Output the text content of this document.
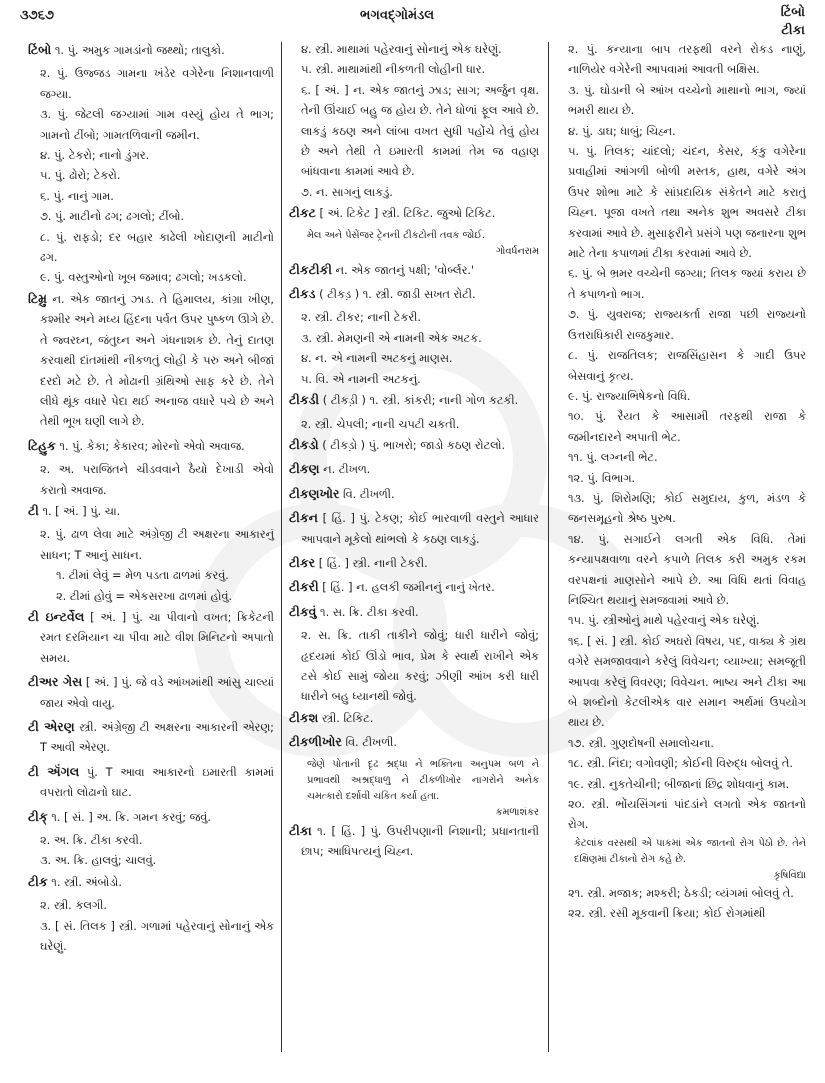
૩૭૬૭	ભગવદ્ગોમંડલ	ટિંબો
ટીકા

ટિંબો ૧. પું. અમુક ગામડાંનો જથ્થો; તાલુકો.

૨. પું. ઉજ્જડ ગામના ખંડેર વગેરેના નિશાનવાળી જગ્યા.

૩. પું. જેટલી જગ્યામાં ગામ વસ્યું હોય તે ભાગ; ગામનો ટીંબો; ગામતળિવાની જમીન.

૪. પું. ટેકરો; નાનો ડુંગર.

૫. પું. ઢોરો; ટેકરો.

૬. પું. નાનું ગામ.

૭. પું. માટીનો ઢગ; ઢગલો; ટીંબો.

૮. પું. રાફડો; દર બહાર કાઢેલી ખોદાણની માટીનો ઢગ.

૯. પું. વસ્તુઓનો ખૂબ જમાવ; ઢગલો; ખડકલો.

ટિમ્રુ ન. એક જાતનું ઝાડ. તે હિમાલય, કાંગ્રા ખીણ, કશ્મીર અને મધ્ય હિંદના પર્વત ઉપર પુષ્કળ ઊગે છે. તે જ્વરઘ્ન, જંતુઘ્ન અને ગંધનાશક છે. તેનું દાતણ કરવાથી દાંતમાંથી નીકળતું લોહી કે પરુ અને બીજાં દરદો મટે છે. તે મોઢાની ગ્રંથિઓ સાફ કરે છે. તેને લીધે થૂંક વધારે પેદા થઈ અનાજ વધારે પચે છે અને તેથી ભૂખ ઘણી લાગે છે.

ટિહુક ૧. પું. કેકા; કેકારવ; મોરનો એવો અવાજ.

૨. અ. પરાજિતને ચીડવવાને ઠૈયો દેખાડી એવો કરાતો અવાજ.

ટી ૧. [ અં. ] પું. ચા.

૨. પું. ઢાળ લેવા માટે અંગ્રેજી ટી અક્ષરના આકારનું સાધન; T આનું સાધન.

૧. ટીમાં લેવું = મેળ પડતા ઢાળમાં કરવું.

૨. ટીમાં હોવું = એકસરખા ઢાળમાં હોવું.

ટી ઇન્ટર્વેલ [ અં. ] પું. ચા પીવાનો વખત; ક્રિકેટની રમત દરમિયાન ચા પીવા માટે વીશ મિનિટનો અપાતો સમય.

ટીઅર ગેસ [ અં. ] પું. જે વડે આંખમાંથી આંસુ ચાલ્યાં જાય એવો વાયુ.

ટી એરણ સ્ત્રી. અંગ્રેજી ટી અક્ષરના આકારની એરણ; T આવી એરણ.

ટી ઍંગલ પું. T આવા આકારનો ઇમારતી કામમાં વપરાતો લોઢાનો ઘાટ.

ટીક્ ૧. [ સં. ] અ. ક્રિ. ગમન કરવું; જવું.

૨. અ. ક્રિ. ટીકા કરવી.

૩. અ. ક્રિ. હાલવું; ચાલવું.

ટીક ૧. સ્ત્રી. અંબોડો.

૨. સ્ત્રી. કલગી.

૩. [ સં. તિલક ] સ્ત્રી. ગળામાં પહેરવાનું સોનાનું એક ઘરેણું.

૪. સ્ત્રી. માથામાં પહેરવાનું સોનાનું એક ઘરેણું.

૫. સ્ત્રી. માથામાંથી નીકળતી લોહીની ધાર.

૬. [ અં. ] ન. એક જાતનું ઝાડ; સાગ; અર્જુન વૃક્ષ. તેની ઊંચાઈ બહુ જ હોય છે. તેને ધોળાં ફૂલ આવે છે. લાકડું કઠણ અને લાંબા વખત સુધી પહોંચે તેવું હોય છે અને તેથી તે ઇમારતી કામમાં તેમ જ વહાણ બાંધવાના કામમાં આવે છે.

૭. ન. સાગનું લાકડું.

ટીકટ [ અં. ટિકેટ ] સ્ત્રી. ટિકિટ. જુઓ ટિકિટ.

મેલ અને પેસેંજર ટ્રેનની ટીકટોની તવક જોઈ.

ગોવર્ધનરામ

ટીકટીકી ન. એક જાતનું પક્ષી; 'વોર્બ્લર.'

ટીકડ ( ટીકડ઼ ) ૧. સ્ત્રી. જાડી સખત રોટી.

૨. સ્ત્રી. ટીકર; નાની ટેકરી.

૩. સ્ત્રી. મેમણની એ નામની એક અટક.

૪. ન. એ નામની અટકનું માણસ.

૫. વિ. એ નામની અટકનું.

ટીકડી ( ટીકડ઼ી ) ૧. સ્ત્રી. કાંકરી; નાની ગોળ કટકી.

૨. સ્ત્રી. ચેપલી; નાની ચપટી ચકતી.

ટીકડો ( ટીકડ઼ો ) પું. ભાખરો; જાડો કઠણ રોટલો.

ટીકણ ન. ટીખળ.

ટીકણખોર વિ. ટીખળી.

ટીકન [ હિં. ] પું. ટેકણ; કોઈ ભારવાળી વસ્તુને આધાર આપવાને મૂકેલો થાંભલો કે કઠણ લાકડું.

ટીકર [ હિં. ] સ્ત્રી. નાની ટેકરી.

ટીકરી [ હિં. ] ન. હલકી જમીનનું નાનું ખેતર.

ટીકવું ૧. સ. ક્રિ. ટીકા કરવી.

૨. સ. ક્રિ. તાકી તાકીને જોવું; ધારી ધારીને જોવું; હૃદયમાં કોઈ ઊંડો ભાવ, પ્રેમ કે સ્વાર્થ રાખીને એક ટસે કોઈ સામું જોયા કરવું; ઝીણી આંખ કરી ધારી ધારીને બહુ ધ્યાનથી જોવું.

ટીકશ સ્ત્રી. ટિકિટ.

ટીકળીખોર વિ. ટીખળી.

જેણે પોતાની દૃઢ શ્રદ્ધા ને ભક્તિના અનુપમ બળ ને પ્રભાવથી અશ્રદ્ધાળુ ને ટીકળીખોર નાગરોને અનેક ચમત્કારો દર્શાવી ચકિત કર્યા હતા.

કમળાશંકર

ટીકા ૧. [ હિં. ] પું. ઉપરીપણાની નિશાની; પ્રધાનતાની છાપ; આધિપત્યનું ચિહ્ન.

૨. પું. કન્યાના બાપ તરફથી વરને રોકડ નાણું, નાળિયેર વગેરેની આપવામાં આવતી બક્ષિસ.

૩. પું. ઘોડાની બે આંખ વચ્ચેનો માથાનો ભાગ, જ્યાં ભમરી થાય છે.

૪. પું. ડાઘ; ધાબું; ચિહ્ન.

૫. પું. તિલક; ચાંદલો; ચંદન, કેસર, કંકુ વગેરેના પ્રવાહીમાં આંગળી બોળી મસ્તક, હાથ, વગેરે અંગ ઉપર શોભા માટે કે સાંપ્રદાયિક સંકેતને માટે કરાતું ચિહ્ન. પૂજા વખતે તથા અનેક શુભ અવસરે ટીકા કરવામાં આવે છે. મુસાફરીને પ્રસંગે પણ જનારના શુભ માટે તેના કપાળમાં ટીકા કરવામાં આવે છે.

૬. પું. બે ભ્રમર વચ્ચેની જગ્યા; તિલક જ્યાં કરાય છે તે કપાળનો ભાગ.

૭. પું. યુવરાજ; રાજ્યકર્તા રાજા પછી રાજ્યનો ઉત્તરાધિકારી રાજકુમાર.

૮. પું. રાજતિલક; રાજસિંહાસન કે ગાદી ઉપર બેસવાનું કૃત્ય.

૯. પું. રાજ્યાભિષેકનો વિધિ.

૧૦. પું. રૈયત કે આસામી તરફથી રાજા કે જમીનદારને અપાતી ભેટ.

૧૧. પું. લગ્નની ભેટ.

૧૨. પું. વિભાગ.

૧૩. પું. શિરોમણિ; કોઈ સમુદાય, કુળ, મંડળ કે જનસમૂહનો શ્રેષ્ઠ પુરુષ.

૧૪. પું. સગાઈને લગતી એક વિધિ. તેમાં કન્યાપક્ષવાળા વરને કપાળે તિલક કરી અમુક રકમ વરપક્ષનાં માણસોને આપે છે. આ વિધિ થતાં વિવાહ નિશ્ચિત થયાનું સમજવામાં આવે છે.

૧૫. પું. સ્ત્રીઓનું માથે પહેરવાનું એક ઘરેણું.

૧૬. [ સં. ] સ્ત્રી. કોઈ અઘરો વિષય, પદ, વાક્ય કે ગ્રંથ વગેરે સમજાવવાને કરેલું વિવેચન; વ્યાખ્યા; સમજૂતી આપવા કરેલું વિવરણ; વિવેચન. ભાષ્ય અને ટીકા આ બે શબ્દોનો કેટલીએક વાર સમાન અર્થમાં ઉપયોગ થાય છે.

૧૭. સ્ત્રી. ગુણદોષની સમાલોચના.

૧૮. સ્ત્રી. નિંદા; વગોવણી; કોઈની વિરુદ્ધ બોલવું તે.

૧૯. સ્ત્રી. નુકતેચીની; બીજાનાં છિદ્ર શોધવાનું કામ.

૨૦. સ્ત્રી. ભોંયસિંગનાં પાંદડાંને લગતો એક જાતનો રોગ.

કેટલાંક વરસથી એ પાકમાં એક જાતનો રોગ પેઠો છે. તેને દક્ષિણમાં ટીકાનો રોગ કહે છે.

કૃષિવિદ્યા

૨૧. સ્ત્રી. મજાક; મશ્કરી; ઠેકડી; વ્યંગમાં બોલવું તે.

૨૨. સ્ત્રી. રસી મૂકવાની ક્રિયા; કોઈ રોગમાંથી
